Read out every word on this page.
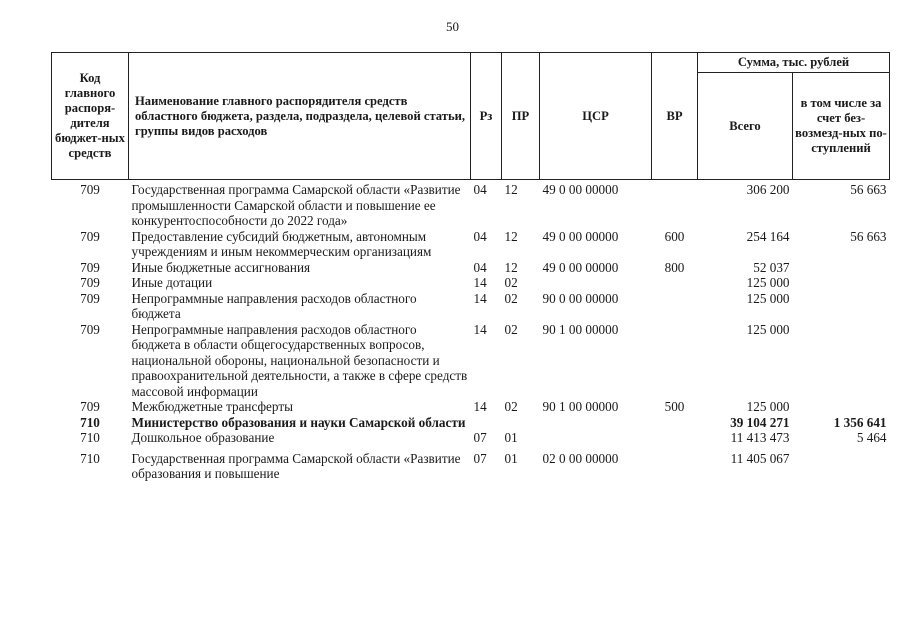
50
Код главного распоря-дителя бюджет-ных средств	Наименование главного распорядителя средств областного бюджета, раздела, подраздела, целевой статьи, группы видов расходов	Рз	ПР	ЦСР	ВР	Сумма, тыс. рублей	
						Всего	в том числе за счет без-возмезд-ных по-ступлений
709	Государственная программа Самарской области «Развитие промышленности Самарской области и повышение ее конкурентоспособности до 2022 года»	04	12	49 0 00 00000		306 200	56 663
709	Предоставление субсидий бюджетным, автономным учреждениям и иным некоммерческим организациям	04	12	49 0 00 00000	600	254 164	56 663
709	Иные бюджетные ассигнования	04	12	49 0 00 00000	800	52 037	
709	Иные дотации	14	02			125 000	
709	Непрограммные направления расходов областного бюджета	14	02	90 0 00 00000		125 000	
709	Непрограммные направления расходов областного бюджета в области общегосударственных вопросов, национальной обороны, национальной безопасности и правоохранительной деятельности, а также в сфере средств массовой информации	14	02	90 1 00 00000		125 000	
709	Межбюджетные трансферты	14	02	90 1 00 00000	500	125 000	
710	Министерство образования и науки Самарской области					39 104 271	1 356 641
710	Дошкольное образование	07	01			11 413 473	5 464
710	Государственная программа Самарской области «Развитие образования и повышение	07	01	02 0 00 00000		11 405 067	
